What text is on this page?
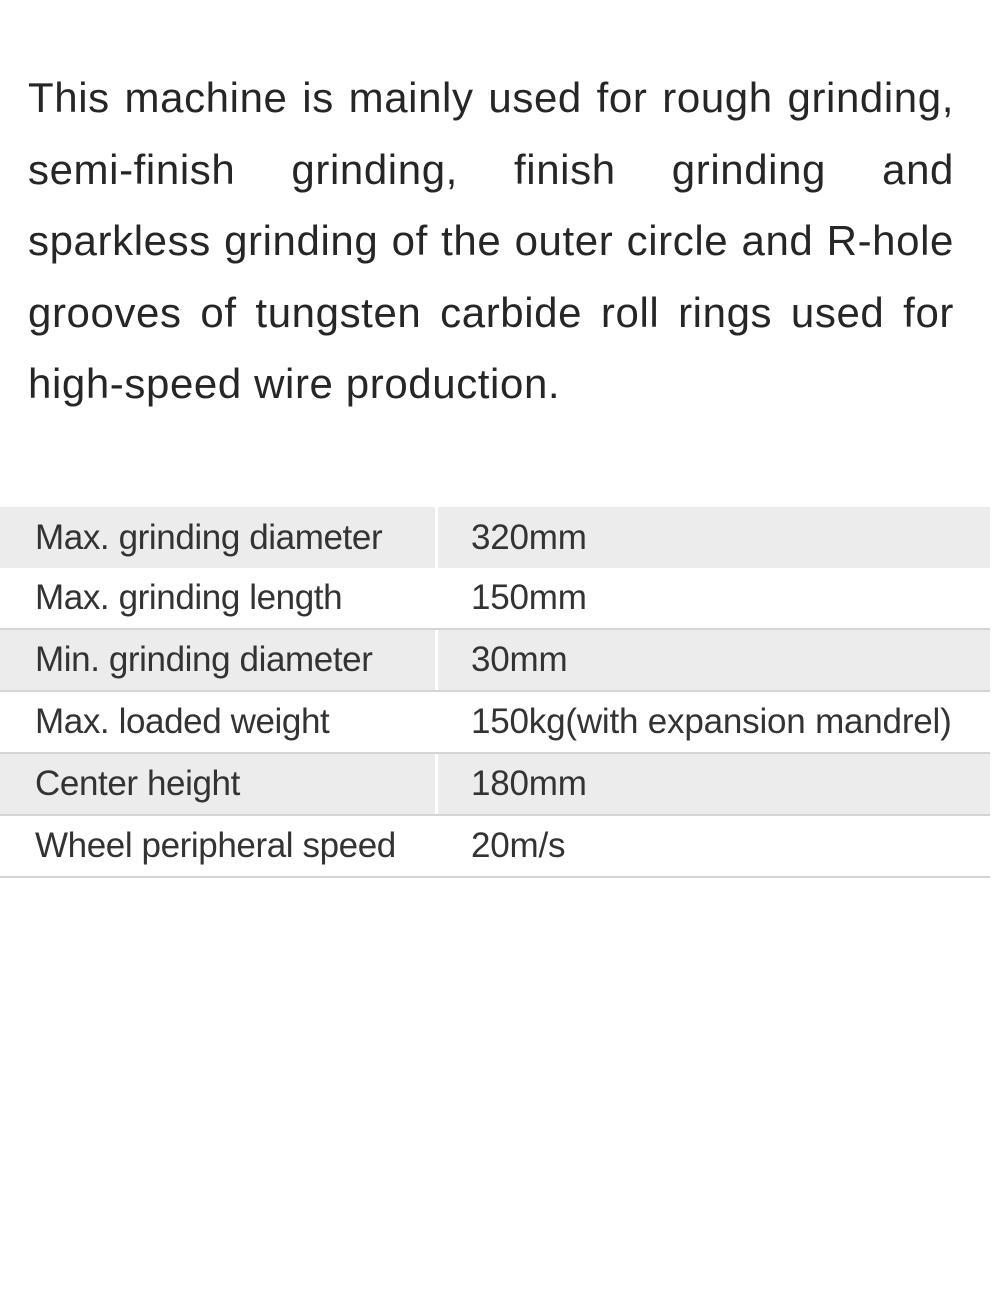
This machine is mainly used for rough grinding, semi-finish grinding, finish grinding and sparkless grinding of the outer circle and R-hole grooves of tungsten carbide roll rings used for high-speed wire production.

Max. grinding diameter	320mm
Max. grinding length	150mm
Min. grinding diameter	30mm
Max. loaded weight	150kg(with expansion mandrel)
Center height	180mm
Wheel peripheral speed	20m/s
